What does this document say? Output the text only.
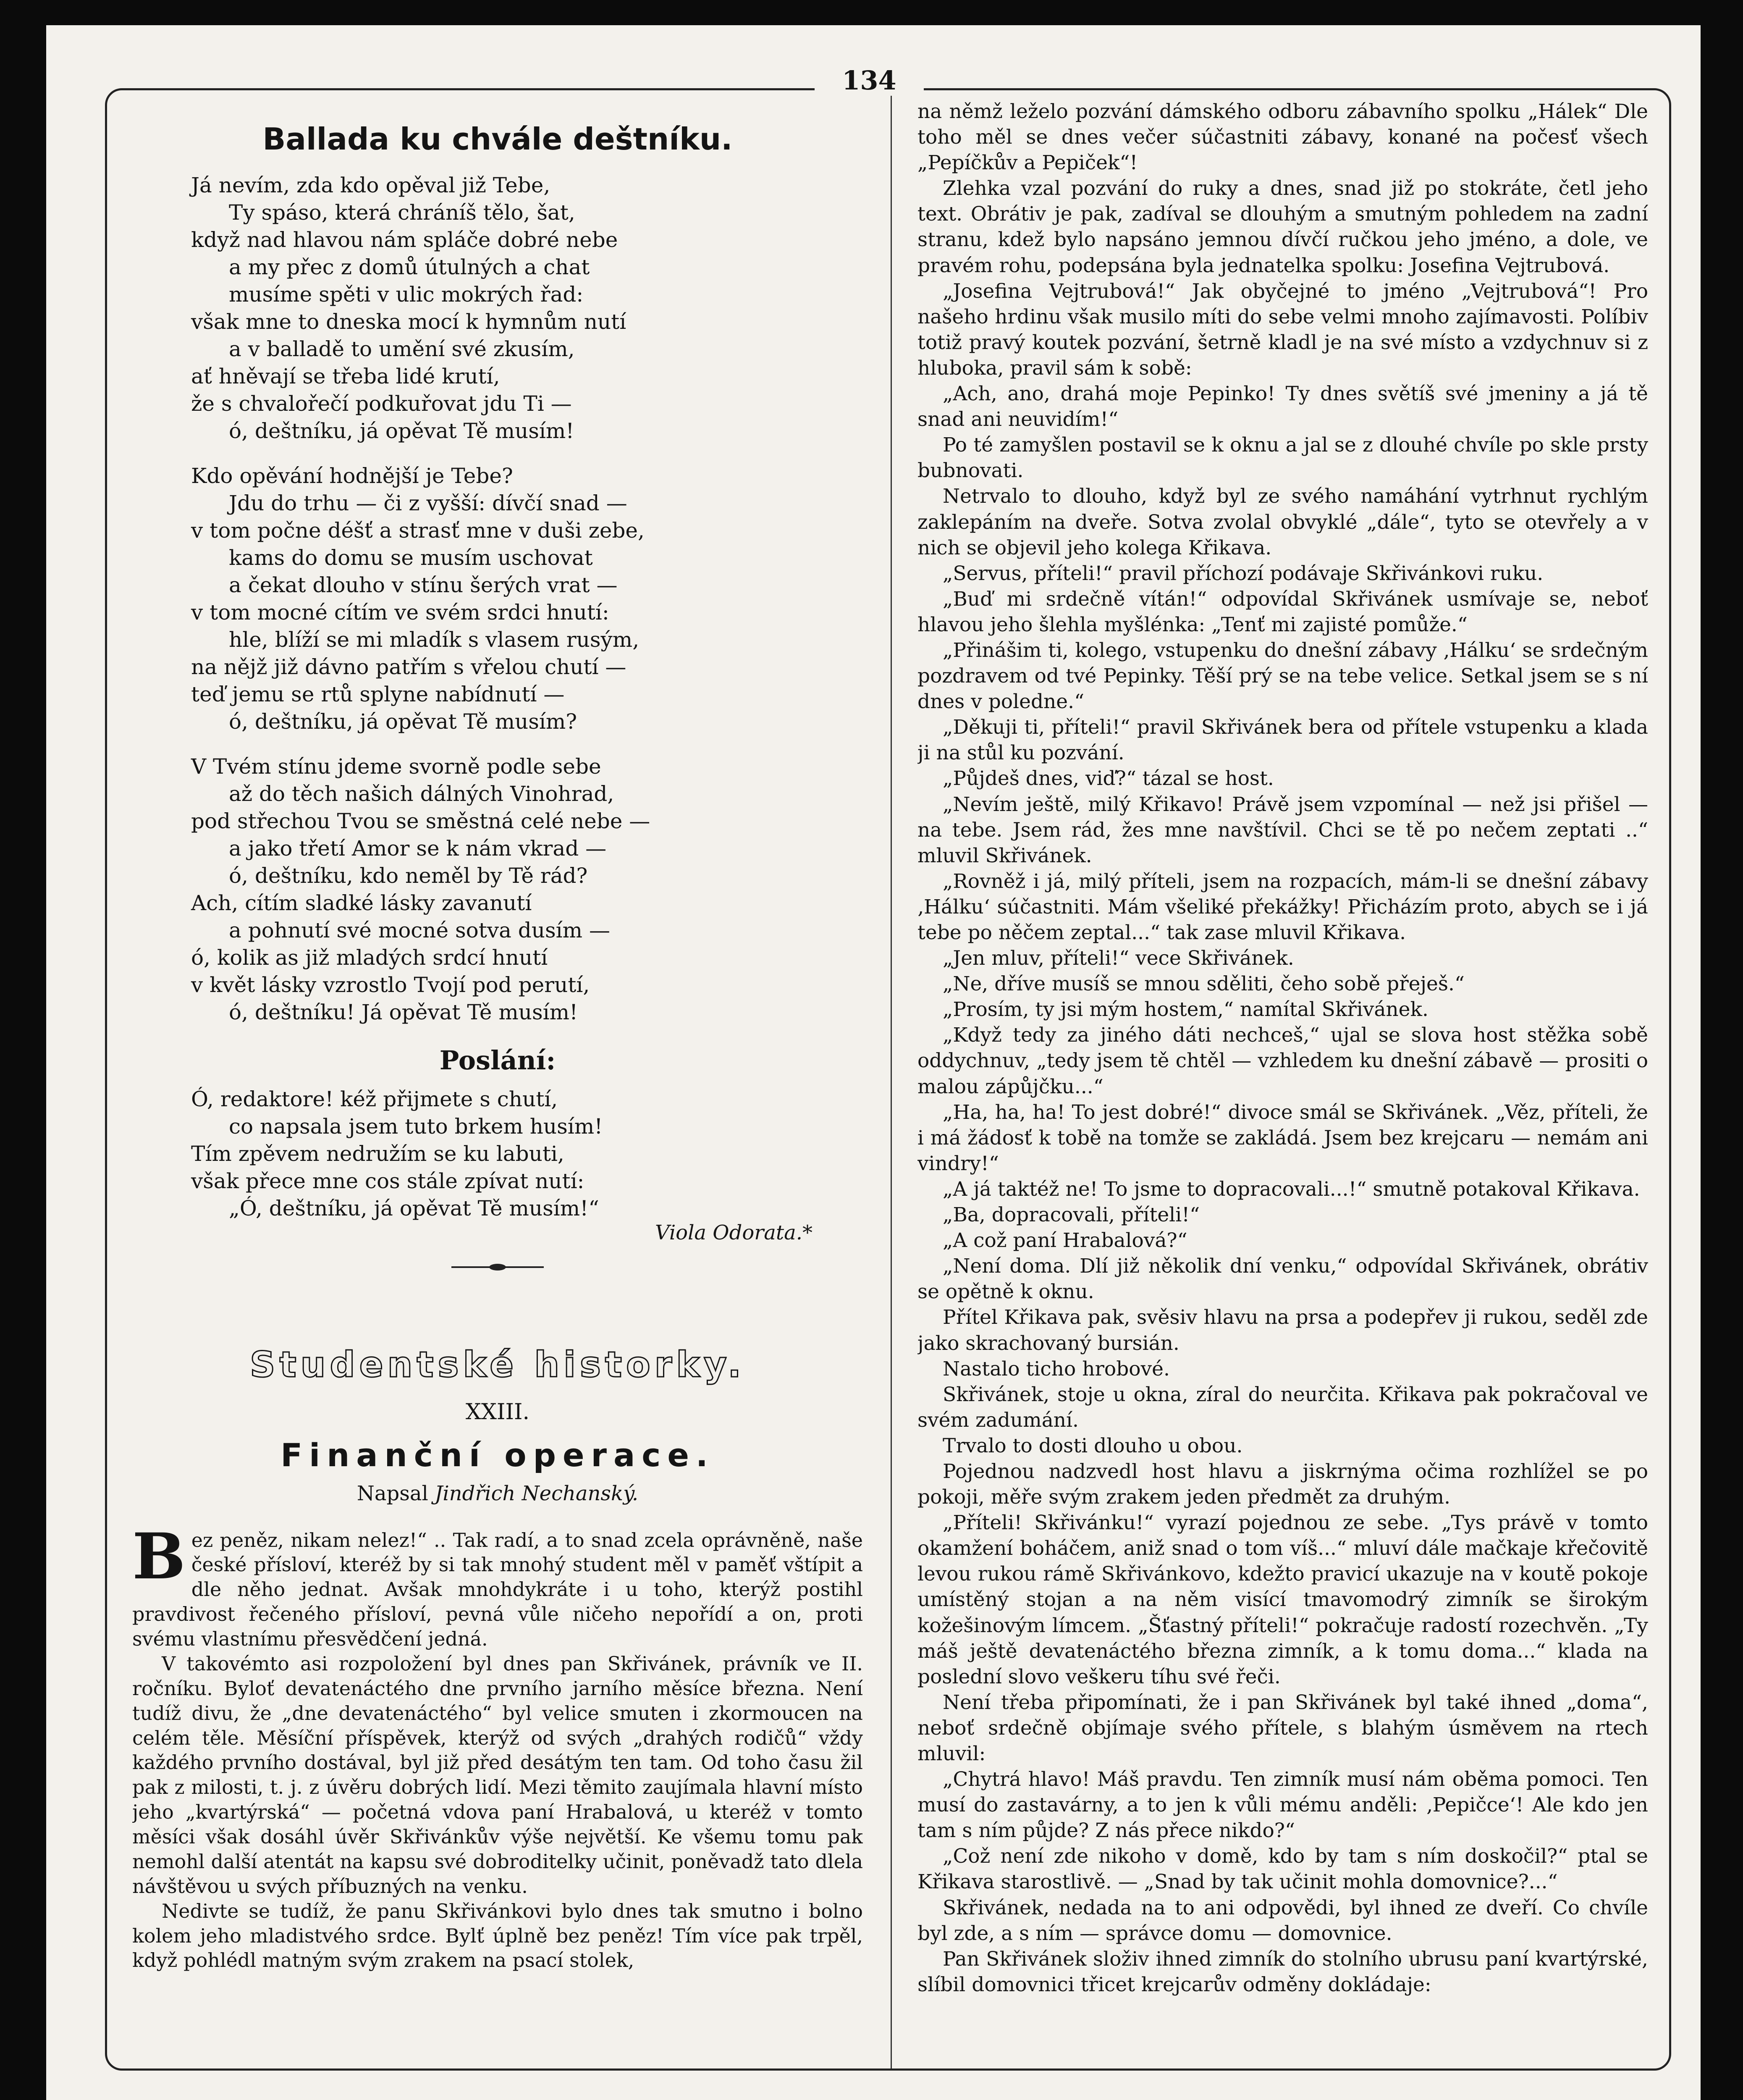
134
Ballada ku chvále deštníku.
Já nevím, zda kdo opěval již Tebe,
Ty spáso, která chráníš tělo, šat,
když nad hlavou nám spláče dobré nebe
a my přec z domů útulných a chat
musíme spěti v ulic mokrých řad:
však mne to dneska mocí k hymnům nutí
a v balladě to umění své zkusím,
ať hněvají se třeba lidé krutí,
že s chvalořečí podkuřovat jdu Ti —
ó, deštníku, já opěvat Tě musím!
Kdo opěvání hodnější je Tebe?
Jdu do trhu — či z vyšší: dívčí snad —
v tom počne déšť a strasť mne v duši zebe,
kams do domu se musím uschovat
a čekat dlouho v stínu šerých vrat —
v tom mocné cítím ve svém srdci hnutí:
hle, blíží se mi mladík s vlasem rusým,
na nějž již dávno patřím s vřelou chutí —
teď jemu se rtů splyne nabídnutí —
ó, deštníku, já opěvat Tě musím?
V Tvém stínu jdeme svorně podle sebe
až do těch našich dálných Vinohrad,
pod střechou Tvou se směstná celé nebe —
a jako třetí Amor se k nám vkrad —
ó, deštníku, kdo neměl by Tě rád?
Ach, cítím sladké lásky zavanutí
a pohnutí své mocné sotva dusím —
ó, kolik as již mladých srdcí hnutí
v květ lásky vzrostlo Tvojí pod perutí,
ó, deštníku! Já opěvat Tě musím!
Poslání:
Ó, redaktore! kéž přijmete s chutí,
co napsala jsem tuto brkem husím!
Tím zpěvem nedružím se ku labuti,
však přece mne cos stále zpívat nutí:
„Ó, deštníku, já opěvat Tě musím!“
Viola Odorata.*
Studentské historky.
XXIII.
Finanční operace.
Napsal Jindřich Nechanský.

Bez peněz, nikam nelez!“ .. Tak radí, a to snad zcela oprávněně, naše české přísloví, kteréž by si tak mnohý student měl v paměť vštípit a dle něho jednat. Avšak mnohdykráte i u toho, kterýž postihl pravdivost řečeného přísloví, pevná vůle ničeho nepořídí a on, proti svému vlastnímu přesvědčení jedná.

V takovémto asi rozpoložení byl dnes pan Skřivánek, právník ve II. ročníku. Byloť devatenáctého dne prvního jarního měsíce března. Není tudíž divu, že „dne devatenáctého“ byl velice smuten i zkormoucen na celém těle. Měsíční příspěvek, kterýž od svých „drahých rodičů“ vždy každého prvního dostával, byl již před desátým ten tam. Od toho času žil pak z milosti, t. j. z úvěru dobrých lidí. Mezi těmito zaujímala hlavní místo jeho „kvartýrská“ — početná vdova paní Hrabalová, u kteréž v tomto měsíci však dosáhl úvěr Skřivánkův výše největší. Ke všemu tomu pak nemohl další atentát na kapsu své dobroditelky učinit, poněvadž tato dlela návštěvou u svých příbuzných na venku.

Nedivte se tudíž, že panu Skřivánkovi bylo dnes tak smutno i bolno kolem jeho mladistvého srdce. Bylť úplně bez peněz! Tím více pak trpěl, když pohlédl matným svým zrakem na psací stolek,

na němž leželo pozvání dámského odboru zábavního spolku „Hálek“ Dle toho měl se dnes večer súčastniti zábavy, konané na počesť všech „Pepíčkův a Pepiček“!

Zlehka vzal pozvání do ruky a dnes, snad již po stokráte, četl jeho text. Obrátiv je pak, zadíval se dlouhým a smutným pohledem na zadní stranu, kdež bylo napsáno jemnou dívčí ručkou jeho jméno, a dole, ve pravém rohu, podepsána byla jednatelka spolku: Josefina Vejtrubová.

„Josefina Vejtrubová!“ Jak obyčejné to jméno „Vejtrubová“! Pro našeho hrdinu však musilo míti do sebe velmi mnoho zajímavosti. Políbiv totiž pravý koutek pozvání, šetrně kladl je na své místo a vzdychnuv si z hluboka, pravil sám k sobě:

„Ach, ano, drahá moje Pepinko! Ty dnes světíš své jmeniny a já tě snad ani neuvidím!“

Po té zamyšlen postavil se k oknu a jal se z dlouhé chvíle po skle prsty bubnovati.

Netrvalo to dlouho, když byl ze svého namáhání vytrhnut rychlým zaklepáním na dveře. Sotva zvolal obvyklé „dále“, tyto se otevřely a v nich se objevil jeho kolega Křikava.

„Servus, příteli!“ pravil příchozí podávaje Skřivánkovi ruku.

„Buď mi srdečně vítán!“ odpovídal Skřivánek usmívaje se, neboť hlavou jeho šlehla myšlénka: „Tenť mi zajisté pomůže.“

„Přinášim ti, kolego, vstupenku do dnešní zábavy ‚Hálku‘ se srdečným pozdravem od tvé Pepinky. Těší prý se na tebe velice. Setkal jsem se s ní dnes v poledne.“

„Děkuji ti, příteli!“ pravil Skřivánek bera od přítele vstupenku a klada ji na stůl ku pozvání.

„Půjdeš dnes, viď?“ tázal se host.

„Nevím ještě, milý Křikavo! Právě jsem vzpomínal — než jsi přišel — na tebe. Jsem rád, žes mne navštívil. Chci se tě po nečem zeptati ..“ mluvil Skřivánek.

„Rovněž i já, milý příteli, jsem na rozpacích, mám-li se dnešní zábavy ‚Hálku‘ súčastniti. Mám všeliké překážky! Přicházím proto, abych se i já tebe po něčem zeptal...“ tak zase mluvil Křikava.

„Jen mluv, příteli!“ vece Skřivánek.

„Ne, dříve musíš se mnou sděliti, čeho sobě přeješ.“

„Prosím, ty jsi mým hostem,“ namítal Skřivánek.

„Když tedy za jiného dáti nechceš,“ ujal se slova host stěžka sobě oddychnuv, „tedy jsem tě chtěl — vzhledem ku dnešní zábavě — prositi o malou zápůjčku...“

„Ha, ha, ha! To jest dobré!“ divoce smál se Skřivánek. „Věz, příteli, že i má žádosť k tobě na tomže se zakládá. Jsem bez krejcaru — nemám ani vindry!“

„A já taktéž ne! To jsme to dopracovali...!“ smutně potakoval Křikava.

„Ba, dopracovali, příteli!“

„A což paní Hrabalová?“

„Není doma. Dlí již několik dní venku,“ odpovídal Skřivánek, obrátiv se opětně k oknu.

Přítel Křikava pak, svěsiv hlavu na prsa a podepřev ji rukou, seděl zde jako skrachovaný bursián.

Nastalo ticho hrobové.

Skřivánek, stoje u okna, zíral do neurčita. Křikava pak pokračoval ve svém zadumání.

Trvalo to dosti dlouho u obou.

Pojednou nadzvedl host hlavu a jiskrnýma očima rozhlížel se po pokoji, měře svým zrakem jeden předmět za druhým.

„Příteli! Skřivánku!“ vyrazí pojednou ze sebe. „Tys právě v tomto okamžení boháčem, aniž snad o tom víš...“ mluví dále mačkaje křečovitě levou rukou rámě Skřivánkovo, kdežto pravicí ukazuje na v koutě pokoje umístěný stojan a na něm visící tmavomodrý zimník se širokým kožešinovým límcem. „Šťastný příteli!“ pokračuje radostí rozechvěn. „Ty máš ještě devatenáctého března zimník, a k tomu doma...“ klada na poslední slovo veškeru tíhu své řeči.

Není třeba připomínati, že i pan Skřivánek byl také ihned „doma“, neboť srdečně objímaje svého přítele, s blahým úsměvem na rtech mluvil:

„Chytrá hlavo! Máš pravdu. Ten zimník musí nám oběma pomoci. Ten musí do zastavárny, a to jen k vůli mému anděli: ‚Pepičce‘! Ale kdo jen tam s ním půjde? Z nás přece nikdo?“

„Což není zde nikoho v domě, kdo by tam s ním doskočil?“ ptal se Křikava starostlivě. — „Snad by tak učinit mohla domovnice?...“

Skřivánek, nedada na to ani odpovědi, byl ihned ze dveří. Co chvíle byl zde, a s ním — správce domu — domovnice.

Pan Skřivánek složiv ihned zimník do stolního ubrusu paní kvartýrské, slíbil domovnici třicet krejcarův odměny dokládaje:
